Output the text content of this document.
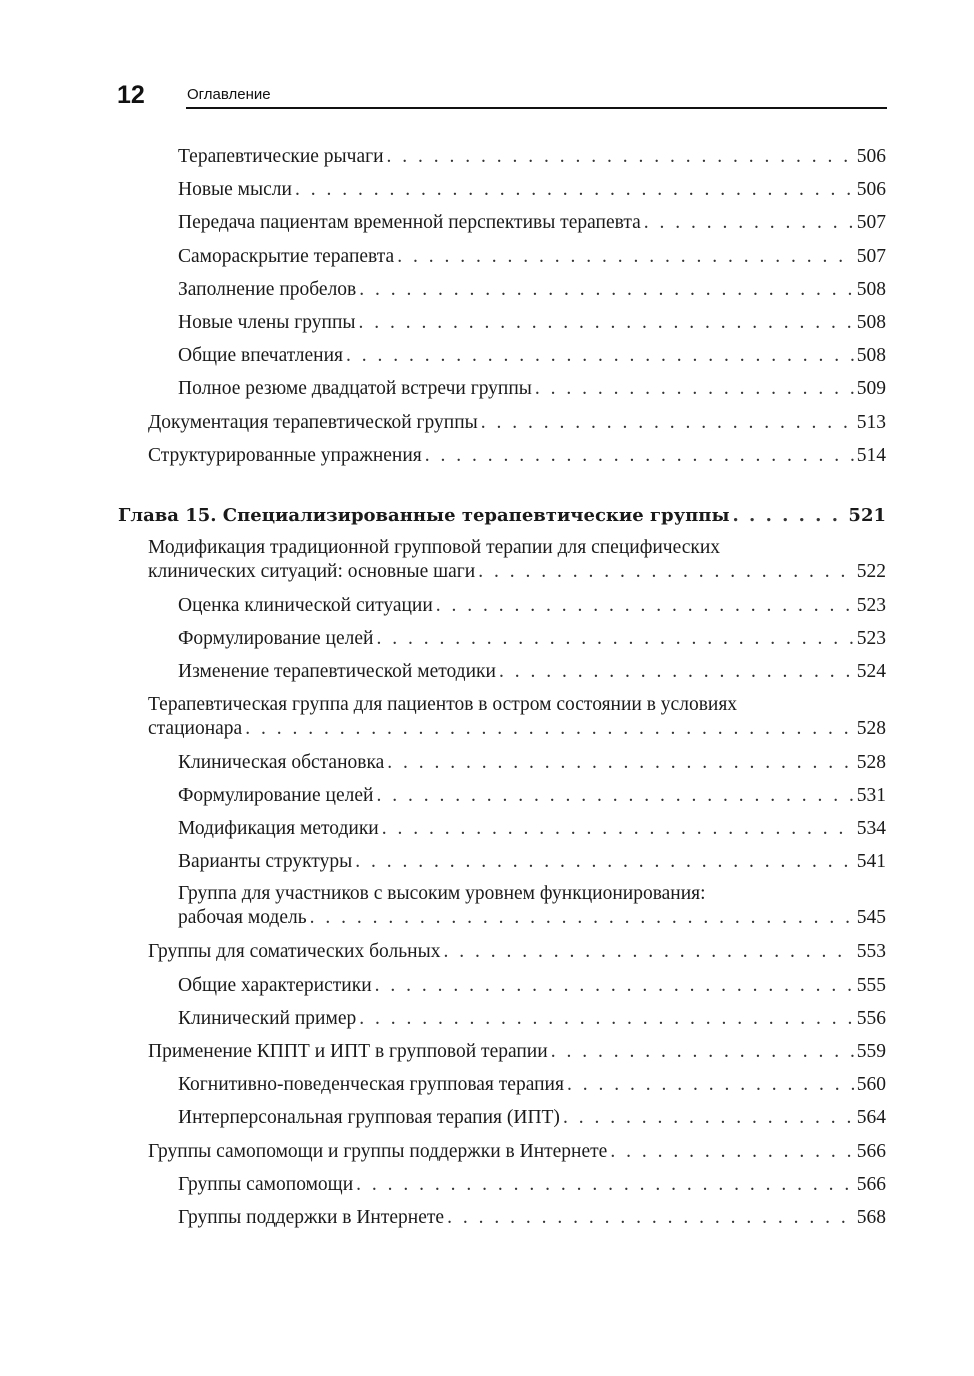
12	Оглавление
Терапевтические рычаги . . .	506
Новые мысли . . .	506
Передача пациентам временной перспективы терапевта . . .	507
Самораскрытие терапевта . . .	507
Заполнение пробелов . . .	508
Новые члены группы . . .	508
Общие впечатления . . .	508
Полное резюме двадцатой встречи группы . . .	509
Документация терапевтической группы . . .	513
Структурированные упражнения . . .	514
Глава 15. Специализированные терапевтические группы . . .	521
Модификация традиционной групповой терапии для специфических
клинических ситуаций: основные шаги . . .	522
Оценка клинической ситуации . . .	523
Формулирование целей . . .	523
Изменение терапевтической методики . . .	524
Терапевтическая группа для пациентов в остром состоянии в условиях
стационара . . .	528
Клиническая обстановка . . .	528
Формулирование целей . . .	531
Модификация методики . . .	534
Варианты структуры . . .	541
Группа для участников с высоким уровнем функционирования:
рабочая модель . . .	545
Группы для соматических больных . . .	553
Общие характеристики . . .	555
Клинический пример . . .	556
Применение КППТ и ИПТ в групповой терапии . . .	559
Когнитивно-поведенческая групповая терапия . . .	560
Интерперсональная групповая терапия (ИПТ) . . .	564
Группы самопомощи и группы поддержки в Интернете . . .	566
Группы самопомощи . . .	566
Группы поддержки в Интернете . . .	568
